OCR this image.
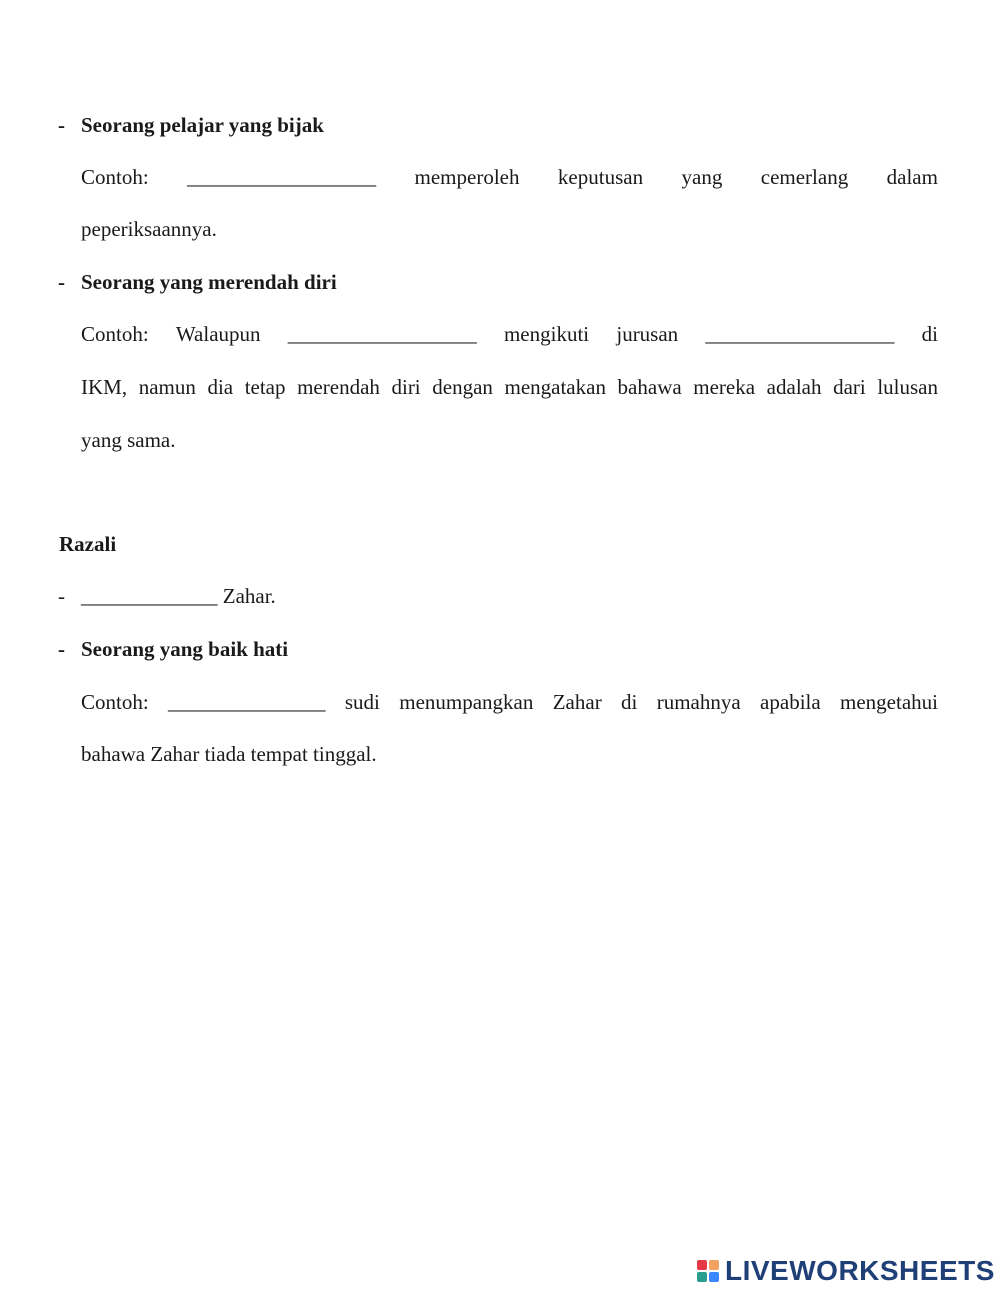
- Seorang pelajar yang bijak
Contoh: __________________ memperoleh keputusan yang cemerlang dalam
peperiksaannya.
- Seorang yang merendah diri
Contoh: Walaupun __________________ mengikuti jurusan __________________ di
IKM, namun dia tetap merendah diri dengan mengatakan bahawa mereka adalah dari lulusan
yang sama.
Razali
- _____________ Zahar.
- Seorang yang baik hati
Contoh: _______________ sudi menumpangkan Zahar di rumahnya apabila mengetahui
bahawa Zahar tiada tempat tinggal.
LIVEWORKSHEETS
